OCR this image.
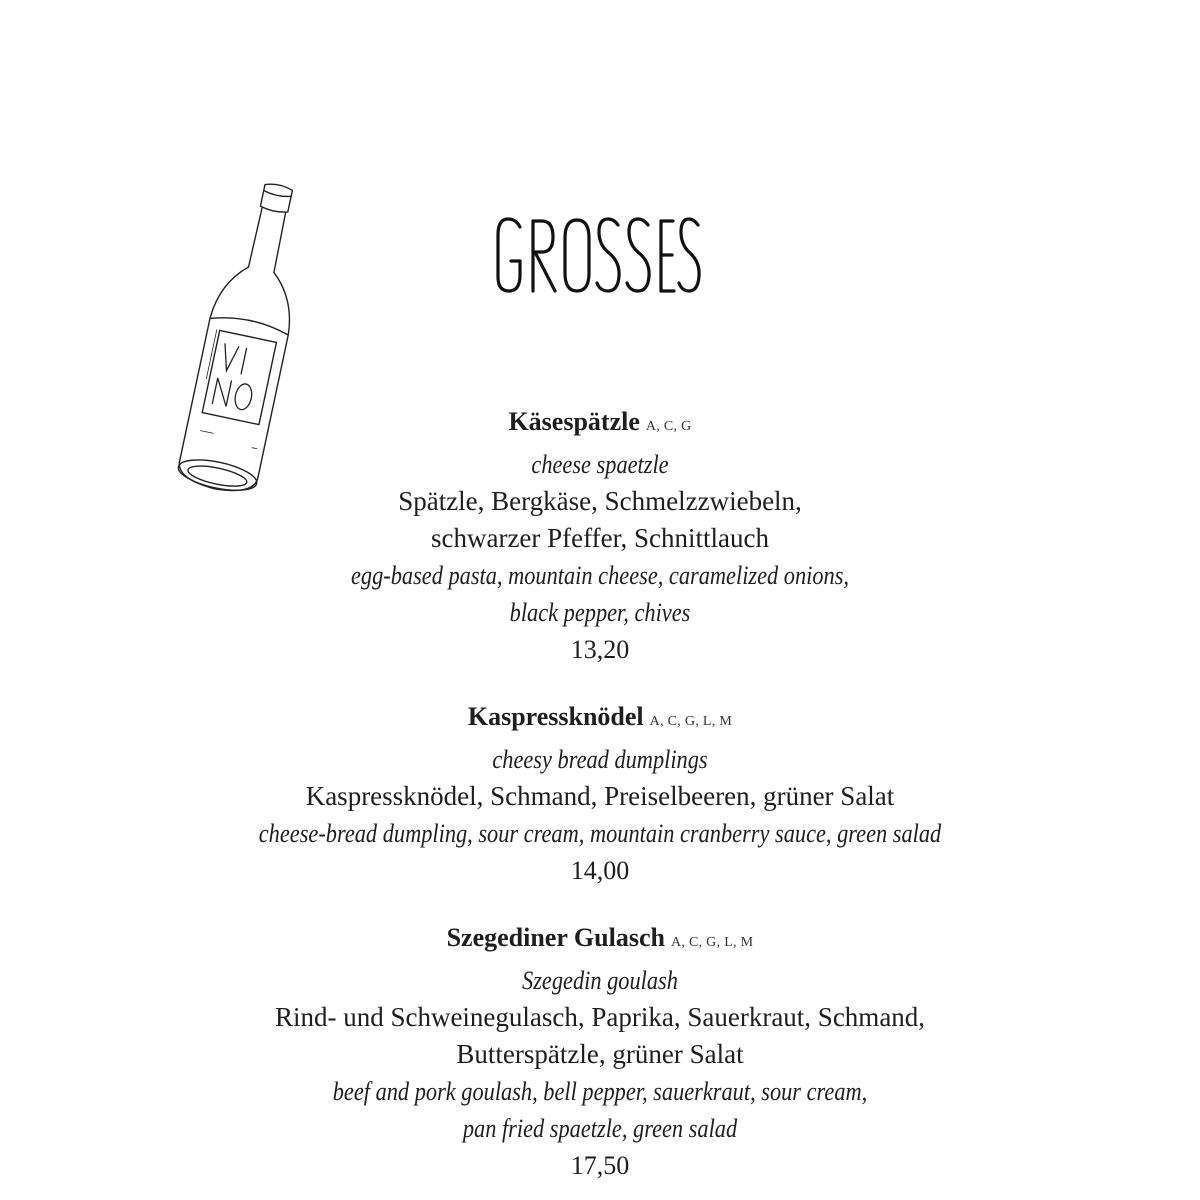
GROSSES
Käsespätzle A, C, G
cheese spaetzle
Spätzle, Bergkäse, Schmelzzwiebeln,
schwarzer Pfeffer, Schnittlauch
egg-based pasta, mountain cheese, caramelized onions,
black pepper, chives
13,20
Kaspressknödel A, C, G, L, M
cheesy bread dumplings
Kaspressknödel, Schmand, Preiselbeeren, grüner Salat
cheese-bread dumpling, sour cream, mountain cranberry sauce, green salad
14,00
Szegediner Gulasch A, C, G, L, M
Szegedin goulash
Rind- und Schweinegulasch, Paprika, Sauerkraut, Schmand,
Butterspätzle, grüner Salat
beef and pork goulash, bell pepper, sauerkraut, sour cream,
pan fried spaetzle, green salad
17,50
